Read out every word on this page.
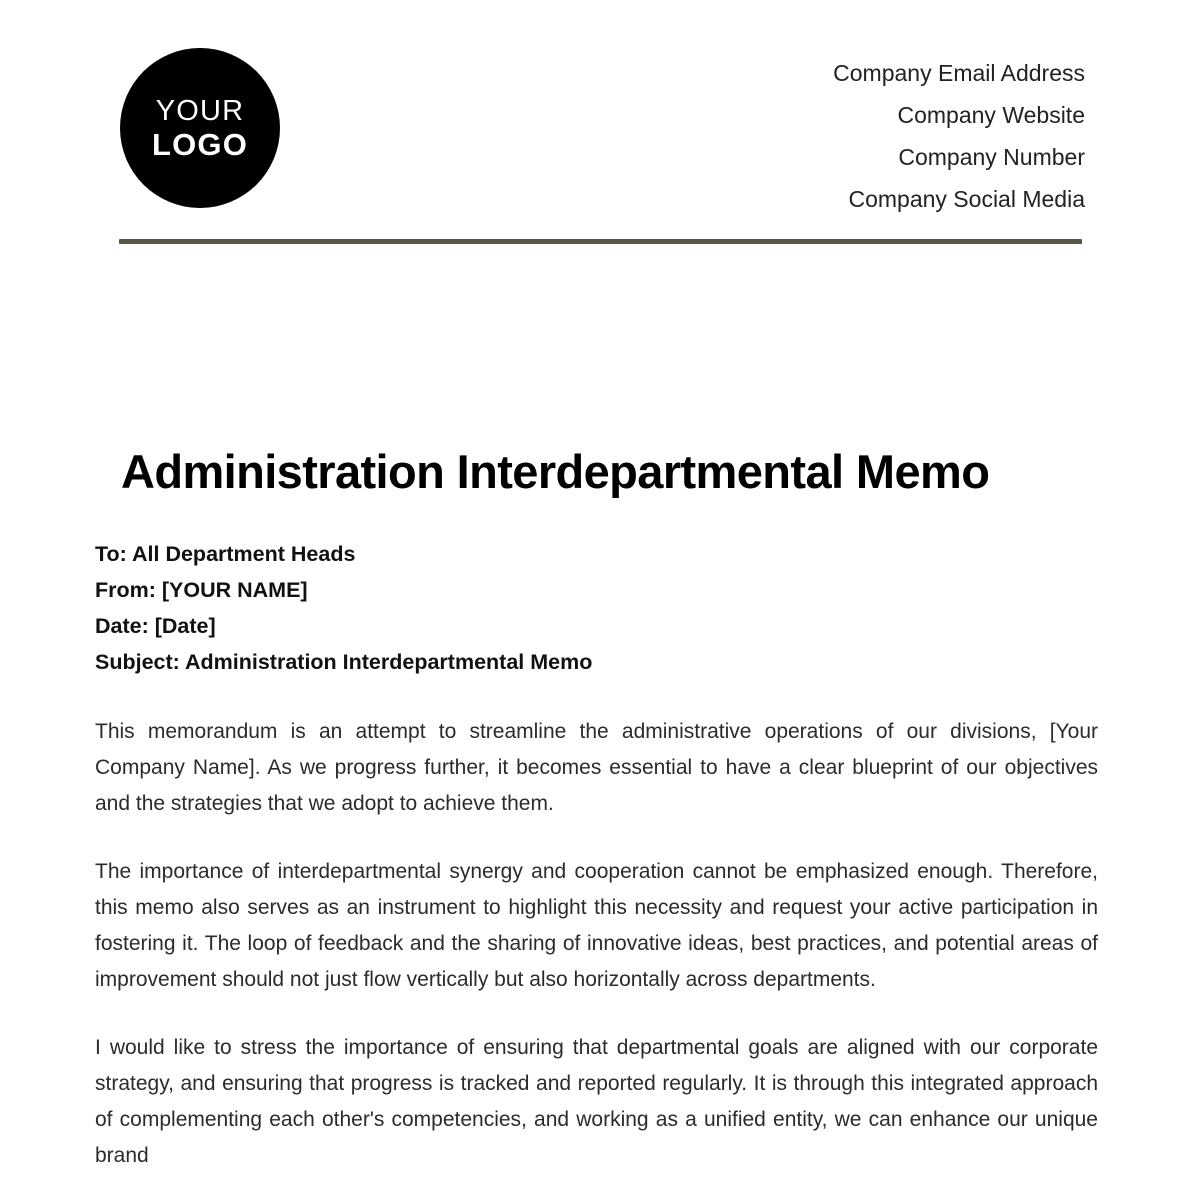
YOUR
LOGO
Company Email Address
Company Website
Company Number
Company Social Media
Administration Interdepartmental Memo
To: All Department Heads
From: [YOUR NAME]
Date: [Date]
Subject: Administration Interdepartmental Memo

This memorandum is an attempt to streamline the administrative operations of our divisions, [Your Company Name]. As we progress further, it becomes essential to have a clear blueprint of our objectives and the strategies that we adopt to achieve them.

The importance of interdepartmental synergy and cooperation cannot be emphasized enough. Therefore, this memo also serves as an instrument to highlight this necessity and request your active participation in fostering it. The loop of feedback and the sharing of innovative ideas, best practices, and potential areas of improvement should not just flow vertically but also horizontally across departments.

I would like to stress the importance of ensuring that departmental goals are aligned with our corporate strategy, and ensuring that progress is tracked and reported regularly. It is through this integrated approach of complementing each other's competencies, and working as a unified entity, we can enhance our unique brand
